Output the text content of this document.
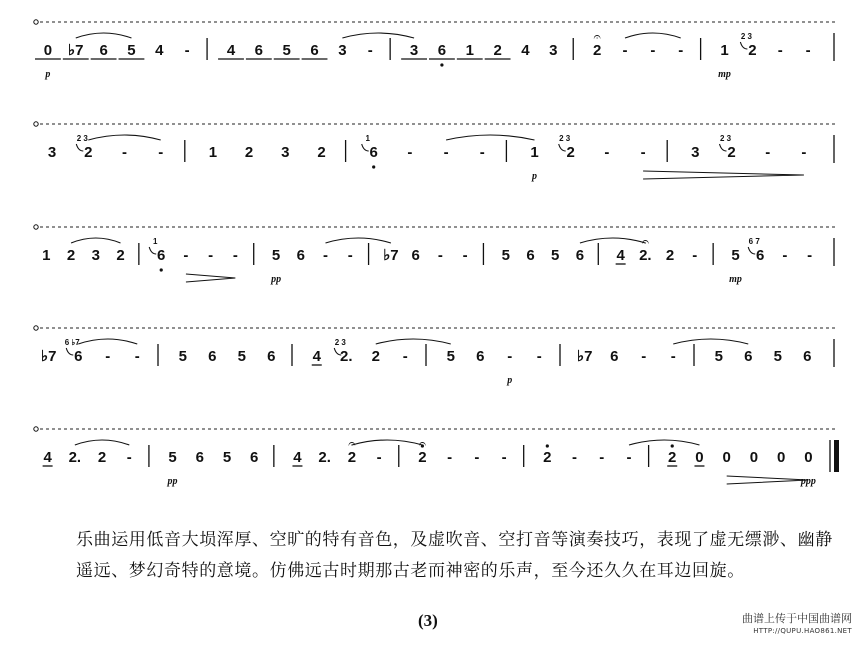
0 ♭7 6 5 4 - 4 6 5 6 3 - 3 6 1 2 4 3 2
𝄐
- - - 1 2
2 3
- -
3 2
2 3
- -	1 2 3 2	6
1
- - -	1 2
2 3
- -	3 2
2 3
- -
1 2 3 2 6
1
- - - 5 6 - - ♭7 6 - - 5 6 5 6 4 2.
𝄐
2 - 5 6
6 7
- -
♭7 6
6 ♭7
- -	5 6 5 6 4 2.
2 3
2 -	5 6 - - ♭7 6 - -	5 6 5 6
4 2. 2 - 5 6 5 6 4 2. 2
𝄐
- 2
𝄐
- - - 2 - - - 2 0 0 0 0 0
p	mp
p
pp	mp
p
pp	ppp
乐曲运用低音大埙浑厚、空旷的特有音色，及虚吹音、空打音等演奏技巧，表现了虚无缥渺、幽静遥远、梦幻奇特的意境。仿佛远古时期那古老而神密的乐声，至今还久久在耳边回旋。
(3)	曲谱上传于中国曲谱网
HTTP://QUPU.HAO861.NET
